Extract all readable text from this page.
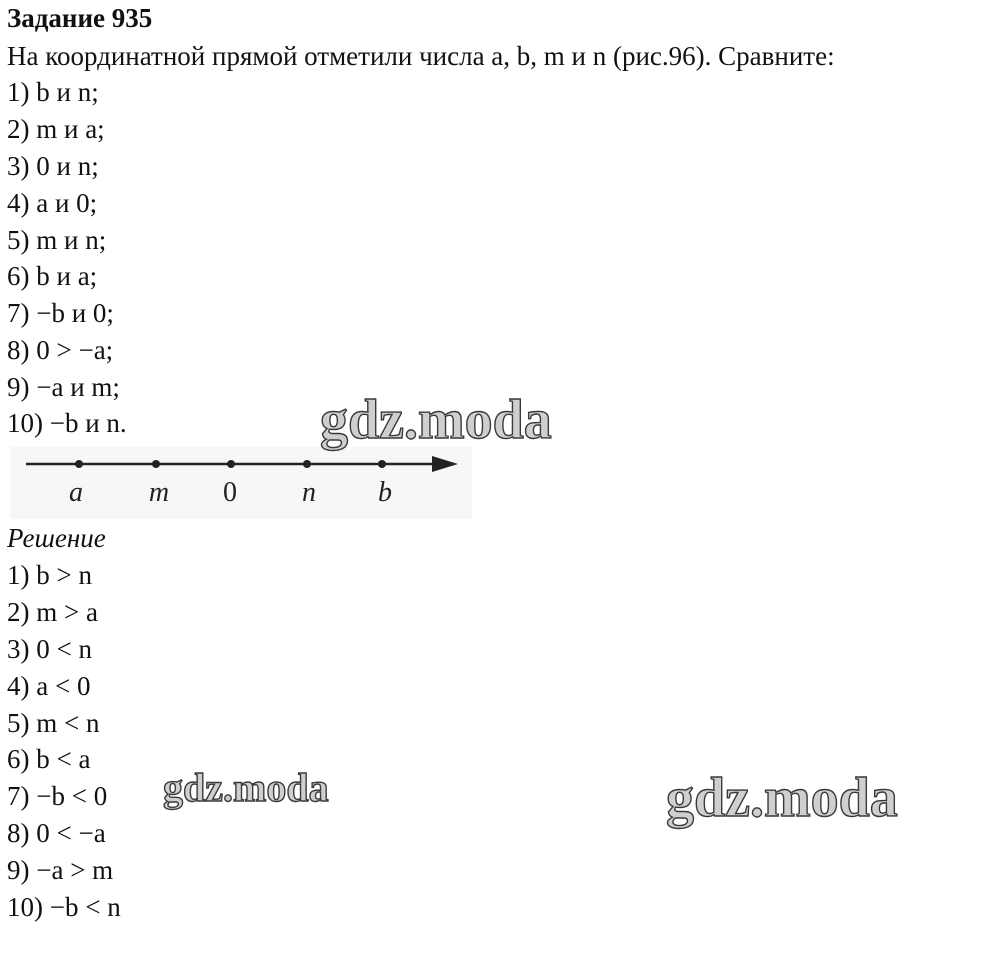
Задание 935
На координатной прямой отметили числа a, b, m и n (рис.96). Сравните:
1) b и n;
2) m и a;
3) 0 и n;
4) a и 0;
5) m и n;
6) b и a;
7) −b и 0;
8) 0 > −a;
9) −a и m;
10) −b и n.
a m 0 n b
Решение
1) b > n
2) m > a
3) 0 < n
4) a < 0
5) m < n
6) b < a
7) −b < 0
8) 0 < −a
9) −a > m
10) −b < n
gdz.moda
gdz.moda	gdz.moda
